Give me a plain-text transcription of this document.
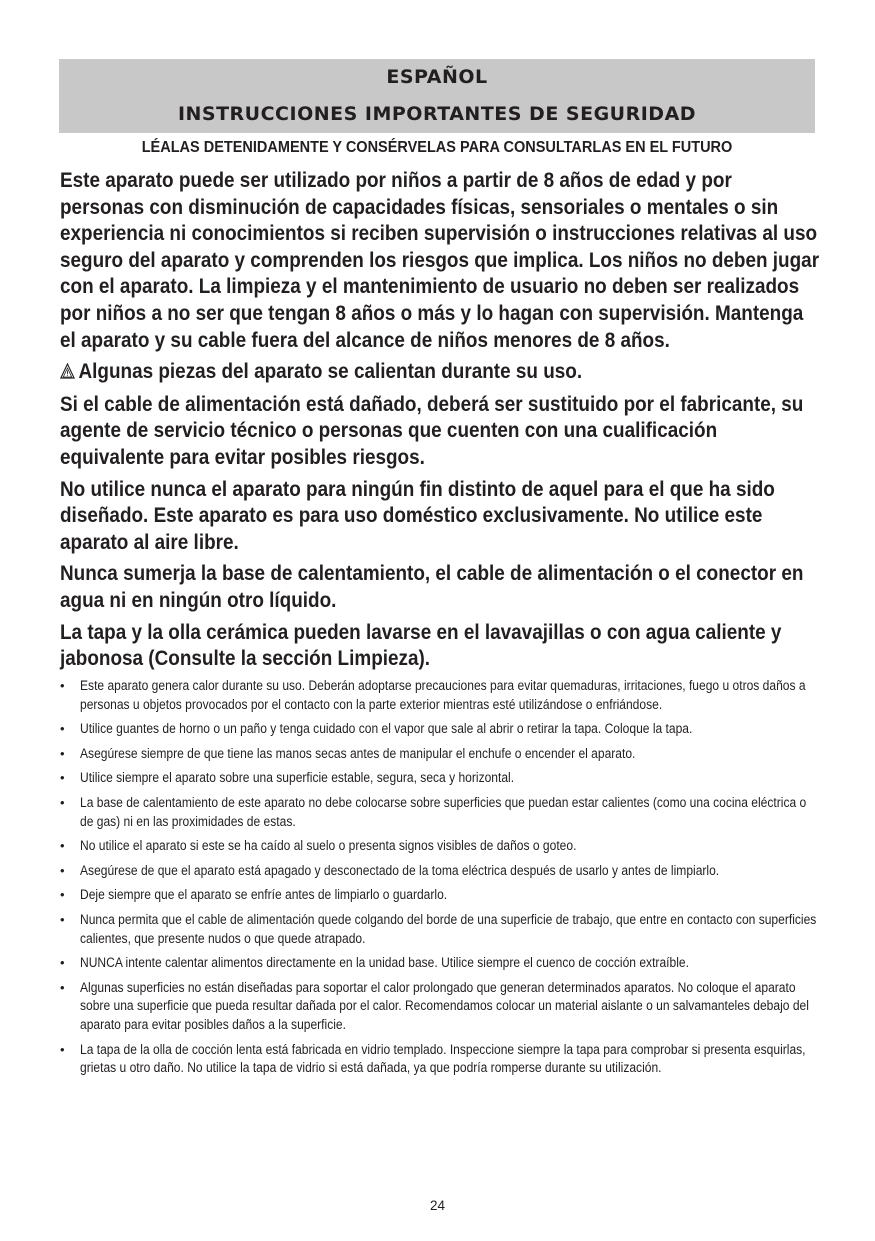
ESPAÑOL
INSTRUCCIONES IMPORTANTES DE SEGURIDAD
LÉALAS DETENIDAMENTE Y CONSÉRVELAS PARA CONSULTARLAS EN EL FUTURO

Este aparato puede ser utilizado por niños a partir de 8 años de edad y por personas con disminución de capacidades físicas, sensoriales o mentales o sin experiencia ni conocimientos si reciben supervisión o instrucciones relativas al uso seguro del aparato y comprenden los riesgos que implica. Los niños no deben jugar con el aparato. La limpieza y el mantenimiento de usuario no deben ser realizados por niños a no ser que tengan 8 años o más y lo hagan con supervisión. Mantenga el aparato y su cable fuera del alcance de niños menores de 8 años.

Algunas piezas del aparato se calientan durante su uso.

Si el cable de alimentación está dañado, deberá ser sustituido por el fabricante, su agente de servicio técnico o personas que cuenten con una cualificación equivalente para evitar posibles riesgos.

No utilice nunca el aparato para ningún fin distinto de aquel para el que ha sido diseñado. Este aparato es para uso doméstico exclusivamente. No utilice este aparato al aire libre.

Nunca sumerja la base de calentamiento, el cable de alimentación o el conector en agua ni en ningún otro líquido.

La tapa y la olla cerámica pueden lavarse en el lavavajillas o con agua caliente y jabonosa (Consulte la sección Limpieza).

• Este aparato genera calor durante su uso. Deberán adoptarse precauciones para evitar quemaduras, irritaciones, fuego u otros daños a personas u objetos provocados por el contacto con la parte exterior mientras esté utilizándose o enfriándose.
• Utilice guantes de horno o un paño y tenga cuidado con el vapor que sale al abrir o retirar la tapa. Coloque la tapa.
• Asegúrese siempre de que tiene las manos secas antes de manipular el enchufe o encender el aparato.
• Utilice siempre el aparato sobre una superficie estable, segura, seca y horizontal.
• La base de calentamiento de este aparato no debe colocarse sobre superficies que puedan estar calientes (como una cocina eléctrica o de gas) ni en las proximidades de estas.
• No utilice el aparato si este se ha caído al suelo o presenta signos visibles de daños o goteo.
• Asegúrese de que el aparato está apagado y desconectado de la toma eléctrica después de usarlo y antes de limpiarlo.
• Deje siempre que el aparato se enfríe antes de limpiarlo o guardarlo.
• Nunca permita que el cable de alimentación quede colgando del borde de una superficie de trabajo, que entre en contacto con superficies calientes, que presente nudos o que quede atrapado.
• NUNCA intente calentar alimentos directamente en la unidad base. Utilice siempre el cuenco de cocción extraíble.
• Algunas superficies no están diseñadas para soportar el calor prolongado que generan determinados aparatos. No coloque el aparato sobre una superficie que pueda resultar dañada por el calor. Recomendamos colocar un material aislante o un salvamanteles debajo del aparato para evitar posibles daños a la superficie.
• La tapa de la olla de cocción lenta está fabricada en vidrio templado. Inspeccione siempre la tapa para comprobar si presenta esquirlas, grietas u otro daño. No utilice la tapa de vidrio si está dañada, ya que podría romperse durante su utilización.
24
